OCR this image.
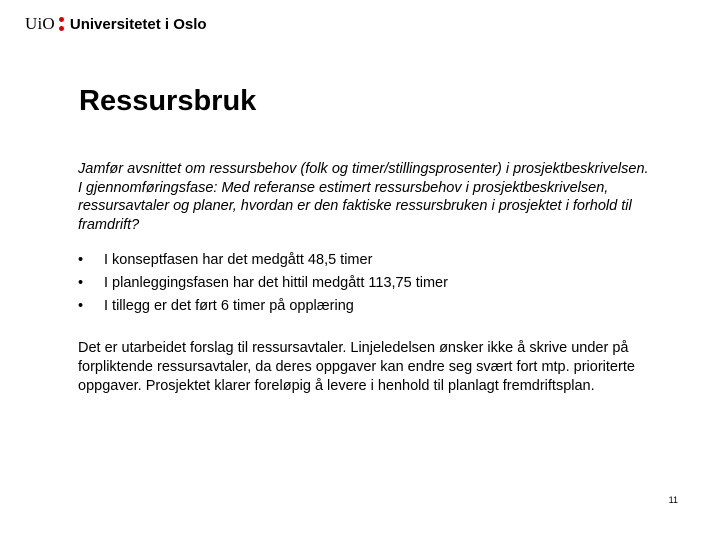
UiO Universitetet i Oslo
Ressursbruk

Jamfør avsnittet om ressursbehov (folk og timer/stillingsprosenter) i prosjektbeskrivelsen.

I gjennomføringsfase: Med referanse estimert ressursbehov i prosjektbeskrivelsen, ressursavtaler og planer, hvordan er den faktiske ressursbruken i prosjektet i forhold til framdrift?

•	I konseptfasen har det medgått 48,5 timer
•	I planleggingsfasen har det hittil medgått 113,75 timer
•	I tillegg er det ført 6 timer på opplæring

Det er utarbeidet forslag til ressursavtaler. Linjeledelsen ønsker ikke å skrive under på forpliktende ressursavtaler, da deres oppgaver kan endre seg svært fort mtp. prioriterte oppgaver. Prosjektet klarer foreløpig å levere i henhold til planlagt fremdriftsplan.

11
